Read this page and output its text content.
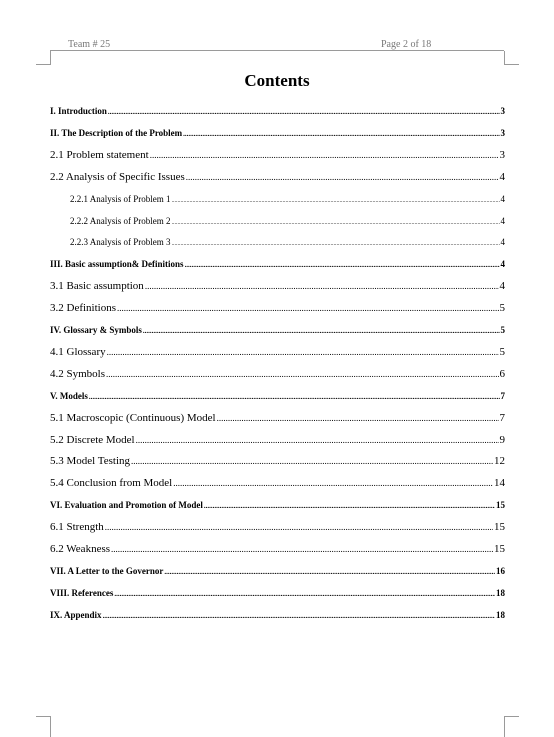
Team # 25	Page 2 of 18
Contents
I. Introduction .....	3
II. The Description of the Problem .....	3
2.1 Problem statement .....	3
2.2 Analysis of Specific Issues .....	4
2.2.1 Analysis of Problem 1 .....	4
2.2.2 Analysis of Problem 2 .....	4
2.2.3 Analysis of Problem 3 .....	4
III. Basic assumption& Definitions .....	4
3.1 Basic assumption .....	4
3.2 Definitions .....	5
IV. Glossary & Symbols .....	5
4.1 Glossary .....	5
4.2 Symbols .....	6
V. Models .....	7
5.1 Macroscopic (Continuous) Model .....	7
5.2 Discrete Model .....	9
5.3 Model Testing .....	12
5.4 Conclusion from Model .....	14
VI. Evaluation and Promotion of Model .....	15
6.1 Strength .....	15
6.2 Weakness .....	15
VII. A Letter to the Governor .....	16
VIII. References .....	18
IX. Appendix .....	18
